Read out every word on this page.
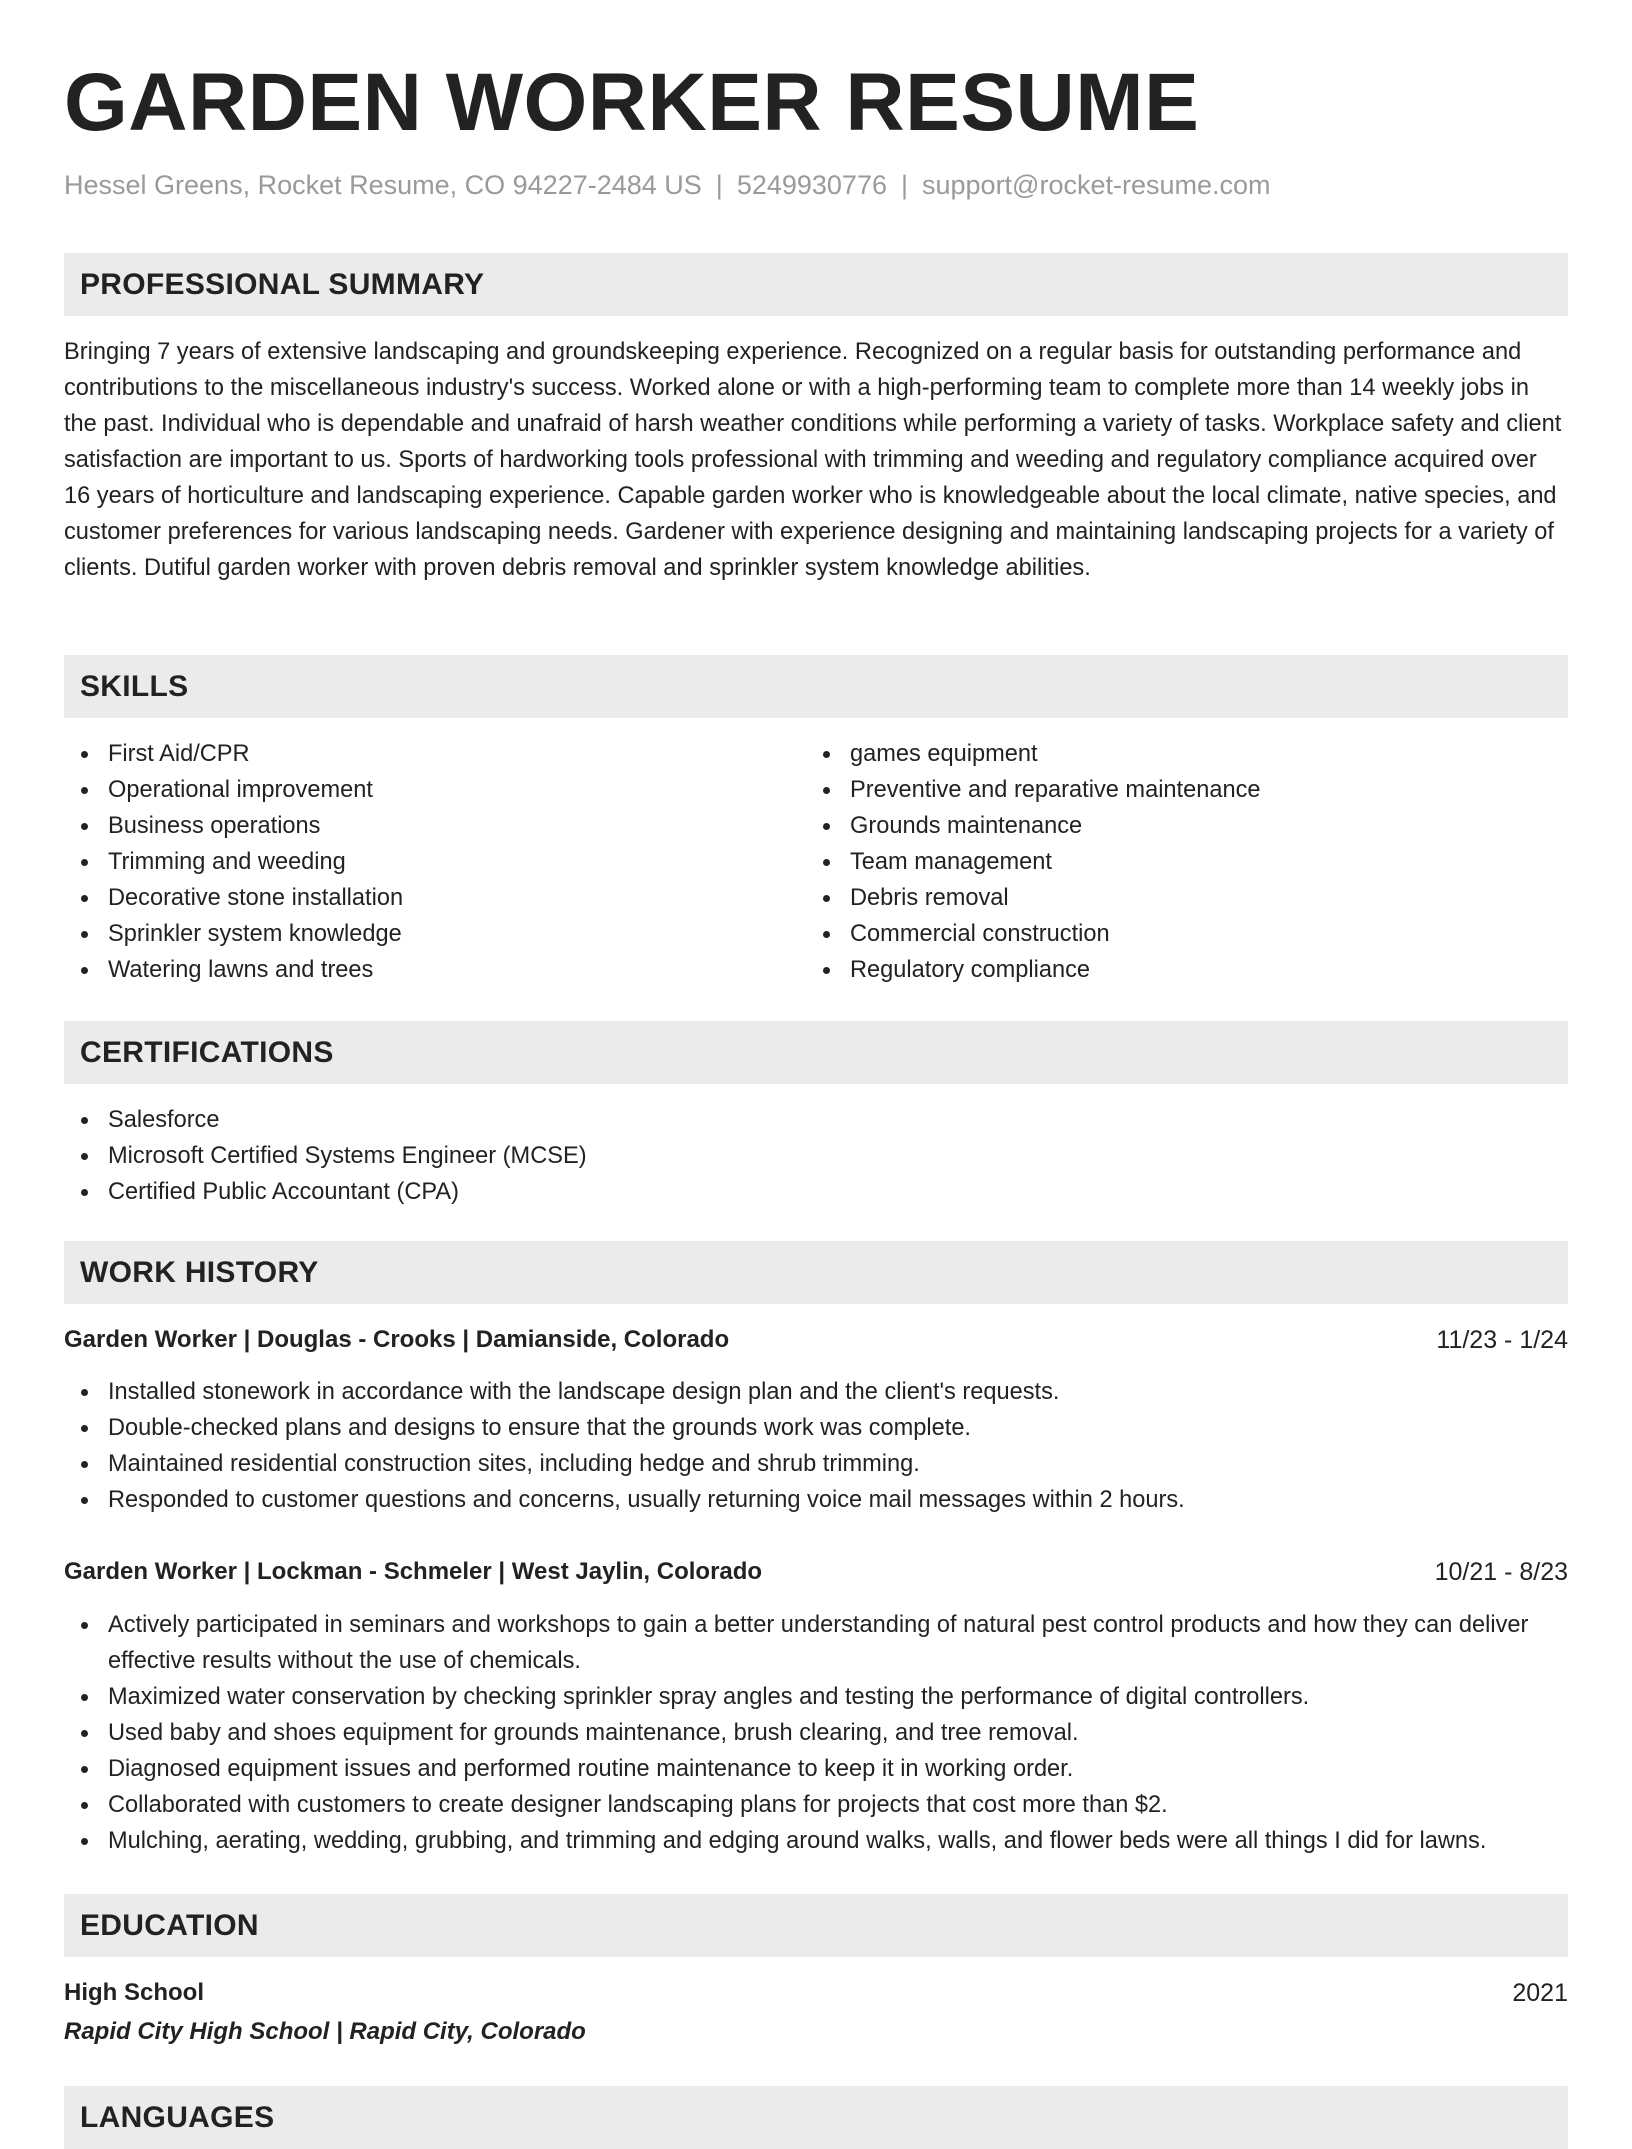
GARDEN WORKER RESUME
Hessel Greens, Rocket Resume, CO 94227-2484 US | 5249930776 | support@rocket-resume.com
PROFESSIONAL SUMMARY
Bringing 7 years of extensive landscaping and groundskeeping experience. Recognized on a regular basis for outstanding performance and contributions to the miscellaneous industry's success. Worked alone or with a high-performing team to complete more than 14 weekly jobs in the past. Individual who is dependable and unafraid of harsh weather conditions while performing a variety of tasks. Workplace safety and client satisfaction are important to us. Sports of hardworking tools professional with trimming and weeding and regulatory compliance acquired over 16 years of horticulture and landscaping experience. Capable garden worker who is knowledgeable about the local climate, native species, and customer preferences for various landscaping needs. Gardener with experience designing and maintaining landscaping projects for a variety of clients. Dutiful garden worker with proven debris removal and sprinkler system knowledge abilities.
SKILLS
First Aid/CPR
Operational improvement
Business operations
Trimming and weeding
Decorative stone installation
Sprinkler system knowledge
Watering lawns and trees
games equipment
Preventive and reparative maintenance
Grounds maintenance
Team management
Debris removal
Commercial construction
Regulatory compliance
CERTIFICATIONS
Salesforce
Microsoft Certified Systems Engineer (MCSE)
Certified Public Accountant (CPA)
WORK HISTORY
Garden Worker | Douglas - Crooks | Damianside, Colorado	11/23 - 1/24
Installed stonework in accordance with the landscape design plan and the client's requests.
Double-checked plans and designs to ensure that the grounds work was complete.
Maintained residential construction sites, including hedge and shrub trimming.
Responded to customer questions and concerns, usually returning voice mail messages within 2 hours.
Garden Worker | Lockman - Schmeler | West Jaylin, Colorado	10/21 - 8/23
Actively participated in seminars and workshops to gain a better understanding of natural pest control products and how they can deliver effective results without the use of chemicals.
Maximized water conservation by checking sprinkler spray angles and testing the performance of digital controllers.
Used baby and shoes equipment for grounds maintenance, brush clearing, and tree removal.
Diagnosed equipment issues and performed routine maintenance to keep it in working order.
Collaborated with customers to create designer landscaping plans for projects that cost more than $2.
Mulching, aerating, wedding, grubbing, and trimming and edging around walks, walls, and flower beds were all things I did for lawns.
EDUCATION
High School	2021
Rapid City High School | Rapid City, Colorado
LANGUAGES
